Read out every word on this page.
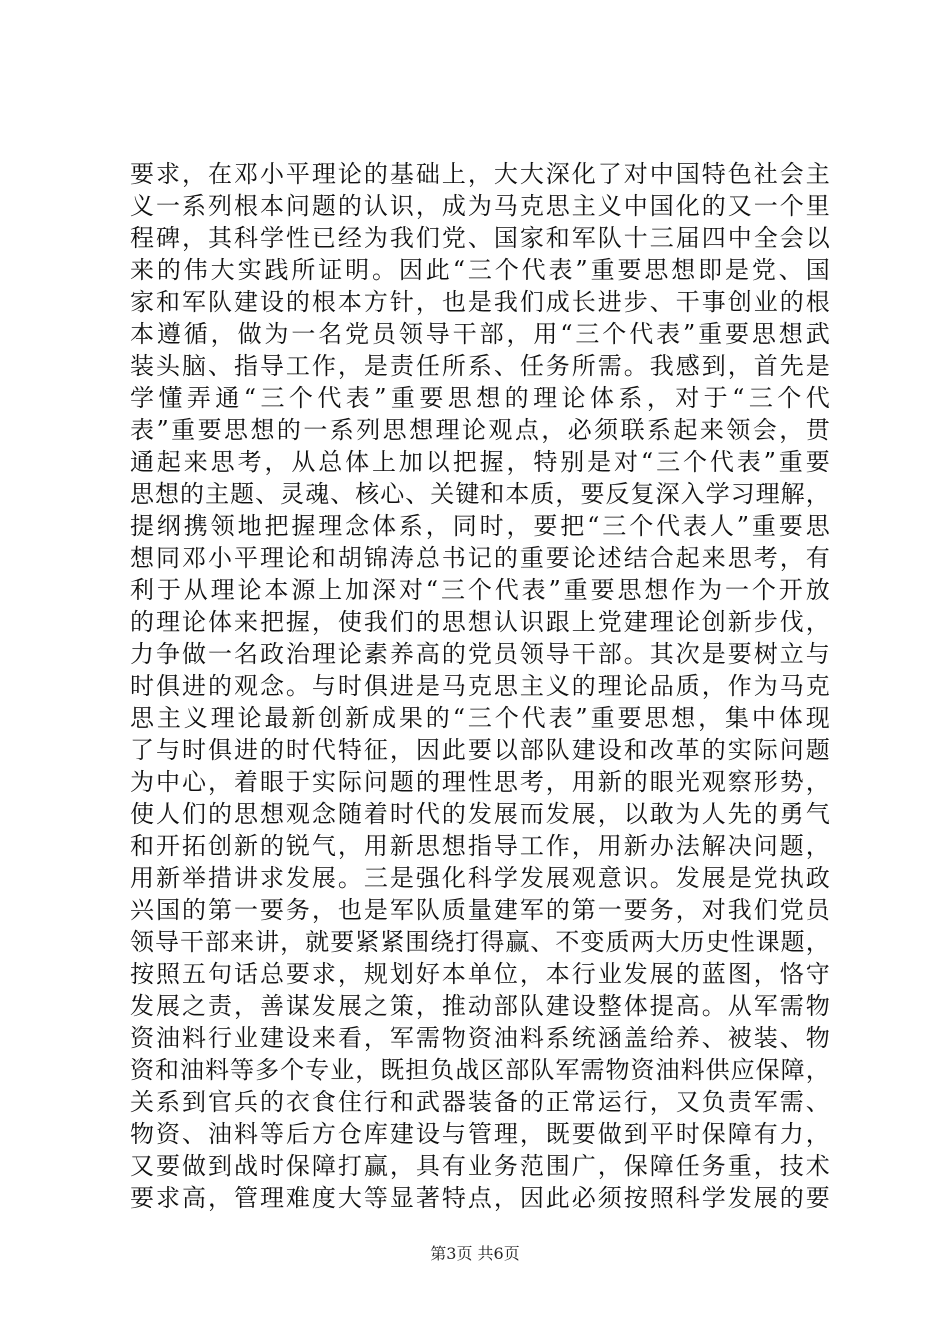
要求，在邓小平理论的基础上，大大深化了对中国特色社会主
义一系列根本问题的认识，成为马克思主义中国化的又一个里
程碑，其科学性已经为我们党、国家和军队十三届四中全会以
来的伟大实践所证明。因此“三个代表”重要思想即是党、国
家和军队建设的根本方针，也是我们成长进步、干事创业的根
本遵循，做为一名党员领导干部，用“三个代表”重要思想武
装头脑、指导工作，是责任所系、任务所需。我感到，首先是
学懂弄通“三个代表”重要思想的理论体系，对于“三个代
表”重要思想的一系列思想理论观点，必须联系起来领会，贯
通起来思考，从总体上加以把握，特别是对“三个代表”重要
思想的主题、灵魂、核心、关键和本质，要反复深入学习理解，
提纲携领地把握理念体系，同时，要把“三个代表人”重要思
想同邓小平理论和胡锦涛总书记的重要论述结合起来思考，有
利于从理论本源上加深对“三个代表”重要思想作为一个开放
的理论体来把握，使我们的思想认识跟上党建理论创新步伐，
力争做一名政治理论素养高的党员领导干部。其次是要树立与
时俱进的观念。与时俱进是马克思主义的理论品质，作为马克
思主义理论最新创新成果的“三个代表”重要思想，集中体现
了与时俱进的时代特征，因此要以部队建设和改革的实际问题
为中心，着眼于实际问题的理性思考，用新的眼光观察形势，
使人们的思想观念随着时代的发展而发展，以敢为人先的勇气
和开拓创新的锐气，用新思想指导工作，用新办法解决问题，
用新举措讲求发展。三是强化科学发展观意识。发展是党执政
兴国的第一要务，也是军队质量建军的第一要务，对我们党员
领导干部来讲，就要紧紧围绕打得赢、不变质两大历史性课题，
按照五句话总要求，规划好本单位，本行业发展的蓝图，恪守
发展之责，善谋发展之策，推动部队建设整体提高。从军需物
资油料行业建设来看，军需物资油料系统涵盖给养、被装、物
资和油料等多个专业，既担负战区部队军需物资油料供应保障，
关系到官兵的衣食住行和武器装备的正常运行，又负责军需、
物资、油料等后方仓库建设与管理，既要做到平时保障有力，
又要做到战时保障打赢，具有业务范围广，保障任务重，技术
要求高，管理难度大等显著特点，因此必须按照科学发展的要
第3页 共6页
